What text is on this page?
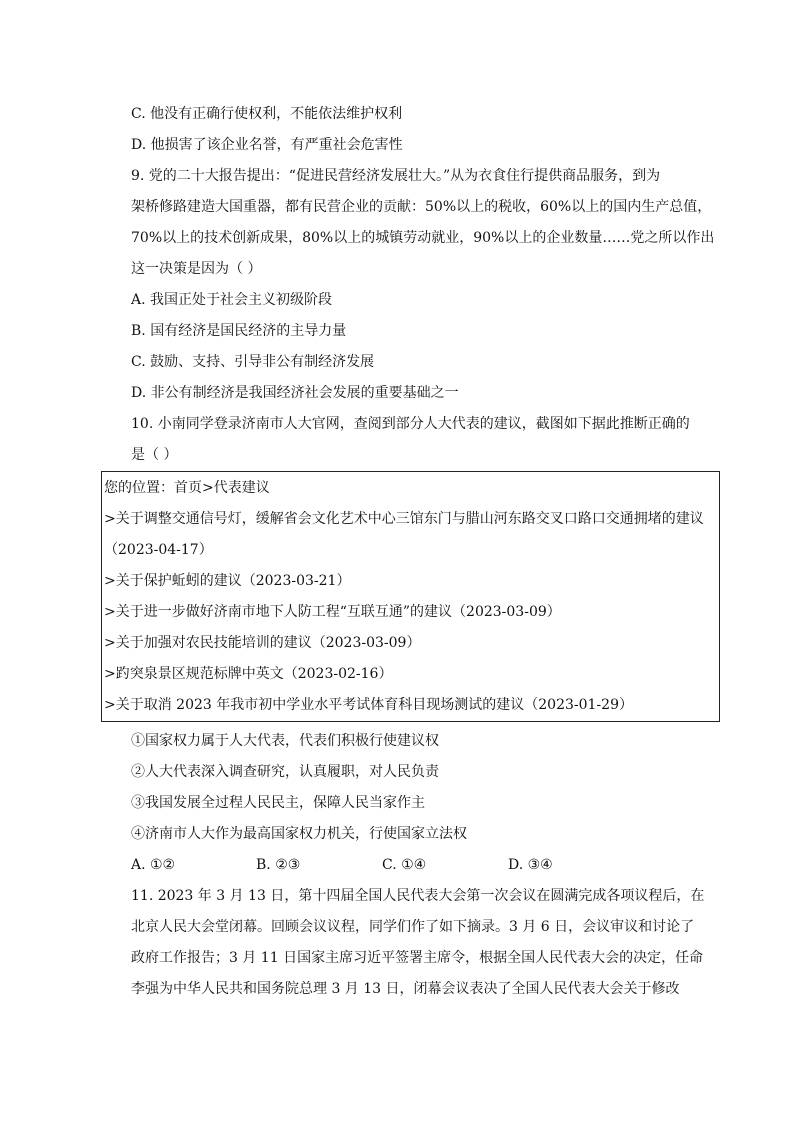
C. 他没有正确行使权利，不能依法维护权利
D. 他损害了该企业名誉，有严重社会危害性
9. 党的二十大报告提出：“促进民营经济发展壮大。”从为衣食住行提供商品服务，到为
架桥修路建造大国重器，都有民营企业的贡献：50%以上的税收，60%以上的国内生产总值，
70%以上的技术创新成果，80%以上的城镇劳动就业，90%以上的企业数量……党之所以作出
这一决策是因为（ ）
A. 我国正处于社会主义初级阶段
B. 国有经济是国民经济的主导力量
C. 鼓励、支持、引导非公有制经济发展
D. 非公有制经济是我国经济社会发展的重要基础之一
10. 小南同学登录济南市人大官网，查阅到部分人大代表的建议，截图如下据此推断正确的
是（ ）
您的位置：首页>代表建议
>关于调整交通信号灯，缓解省会文化艺术中心三馆东门与腊山河东路交叉口路口交通拥堵的建议
（2023-04-17）
>关于保护蚯蚓的建议（2023-03-21）
>关于进一步做好济南市地下人防工程“互联互通”的建议（2023-03-09）
>关于加强对农民技能培训的建议（2023-03-09）
>趵突泉景区规范标牌中英文（2023-02-16）
>关于取消 2023 年我市初中学业水平考试体育科目现场测试的建议（2023-01-29）
①国家权力属于人大代表，代表们积极行使建议权
②人大代表深入调查研究，认真履职，对人民负责
③我国发展全过程人民民主，保障人民当家作主
④济南市人大作为最高国家权力机关，行使国家立法权
A. ①②	B. ②③	C. ①④	D. ③④
11. 2023 年 3 月 13 日，第十四届全国人民代表大会第一次会议在圆满完成各项议程后，在
北京人民大会堂闭幕。回顾会议议程，同学们作了如下摘录。3 月 6 日，会议审议和讨论了
政府工作报告；3 月 11 日国家主席习近平签署主席令，根据全国人民代表大会的决定，任命
李强为中华人民共和国务院总理 3 月 13 日，闭幕会议表决了全国人民代表大会关于修改
